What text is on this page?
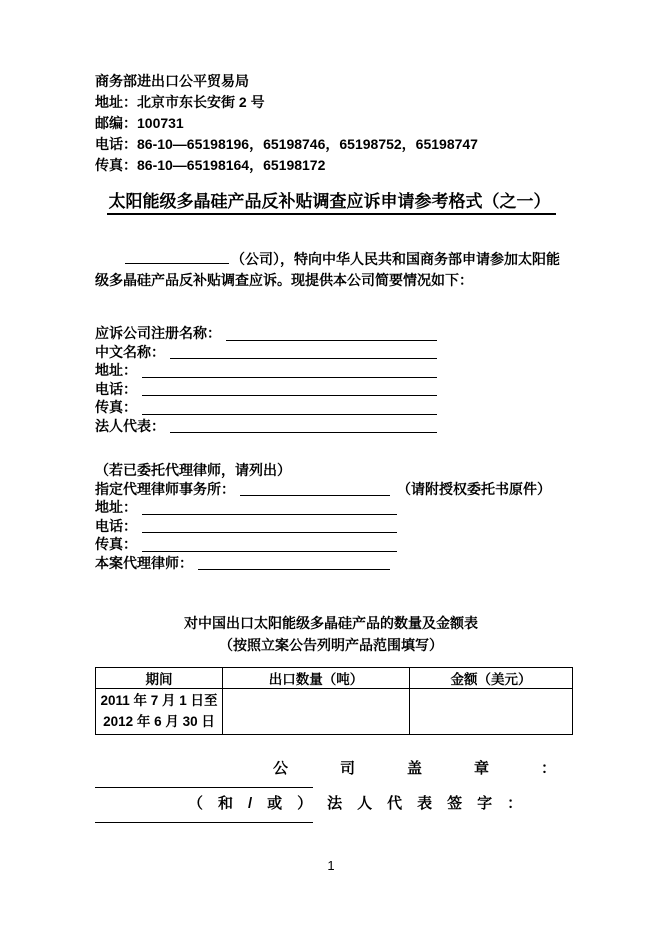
商务部进出口公平贸易局
地址：北京市东长安街 2 号
邮编：100731
电话：86-10—65198196，65198746，65198752，65198747
传真：86-10—65198164，65198172
太阳能级多晶硅产品反补贴调查应诉申请参考格式（之一）
（公司），特向中华人民共和国商务部申请参加太阳能
级多晶硅产品反补贴调查应诉。现提供本公司简要情况如下：
应诉公司注册名称：
中文名称：
地址：
电话：
传真：
法人代表：
（若已委托代理律师，请列出）
指定代理律师事务所：	（请附授权委托书原件）
地址：
电话：
传真：
本案代理律师：
对中国出口太阳能级多晶硅产品的数量及金额表
（按照立案公告列明产品范围填写）
期间	出口数量（吨）	金额（美元）

2011 年 7 月 1 日至
2012 年 6 月 30 日		

公司盖章：
（和/或）法人代表签字：
1
